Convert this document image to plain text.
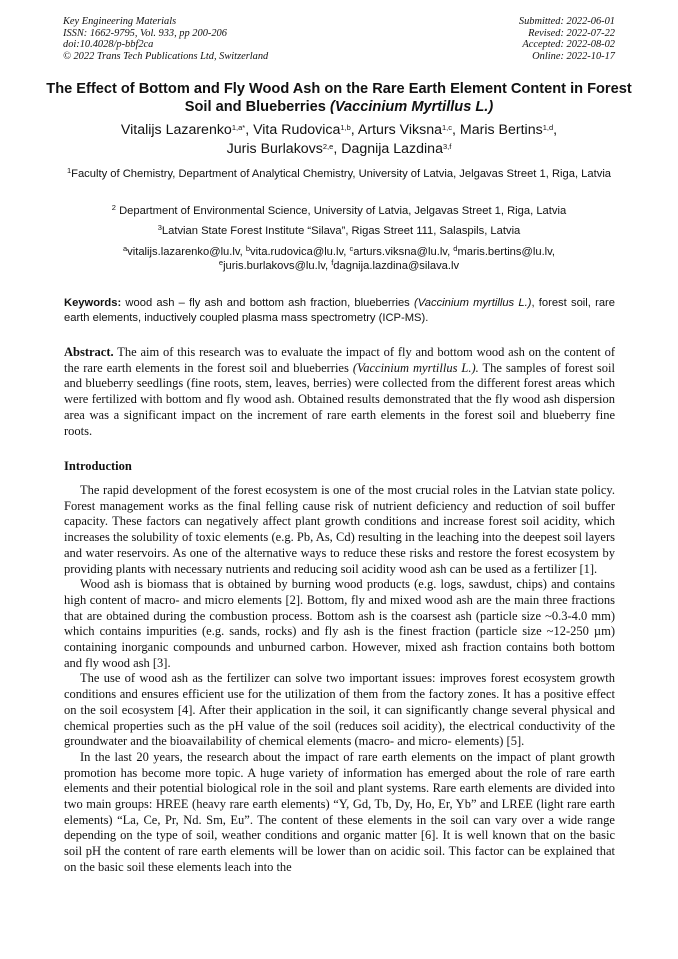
Key Engineering Materials
ISSN: 1662-9795, Vol. 933, pp 200-206
doi:10.4028/p-bbf2ca
© 2022 Trans Tech Publications Ltd, Switzerland
Submitted: 2022-06-01
Revised: 2022-07-22
Accepted: 2022-08-02
Online: 2022-10-17
The Effect of Bottom and Fly Wood Ash on the Rare Earth Element Content in Forest Soil and Blueberries (Vaccinium Myrtillus L.)
Vitalijs Lazarenko$^{1,a*}$, Vita Rudovica$^{1,b}$, Arturs Viksna$^{1,c}$, Maris Bertins$^{1,d}$,
Juris Burlakovs$^{2,e}$, Dagnija Lazdina$^{3,f}$
$^1$Faculty of Chemistry, Department of Analytical Chemistry, University of Latvia, Jelgavas Street 1, Riga, Latvia
$^2$ Department of Environmental Science, University of Latvia, Jelgavas Street 1, Riga, Latvia
$^3$Latvian State Forest Institute “Silava”, Rigas Street 111, Salaspils, Latvia
$^a$vitalijs.lazarenko@lu.lv, $^b$vita.rudovica@lu.lv, $^c$arturs.viksna@lu.lv, $^d$maris.bertins@lu.lv,
$^e$juris.burlakovs@lu.lv, $^f$dagnija.lazdina@silava.lv
Keywords: wood ash – fly ash and bottom ash fraction, blueberries (Vaccinium myrtillus L.), forest soil, rare earth elements, inductively coupled plasma mass spectrometry (ICP-MS).
Abstract. The aim of this research was to evaluate the impact of fly and bottom wood ash on the content of the rare earth elements in the forest soil and blueberries (Vaccinium myrtillus L.). The samples of forest soil and blueberry seedlings (fine roots, stem, leaves, berries) were collected from the different forest areas which were fertilized with bottom and fly wood ash. Obtained results demonstrated that the fly wood ash dispersion area was a significant impact on the increment of rare earth elements in the forest soil and blueberry fine roots.
Introduction

The rapid development of the forest ecosystem is one of the most crucial roles in the Latvian state policy. Forest management works as the final felling cause risk of nutrient deficiency and reduction of soil buffer capacity. These factors can negatively affect plant growth conditions and increase forest soil acidity, which increases the solubility of toxic elements (e.g. Pb, As, Cd) resulting in the leaching into the deepest soil layers and water reservoirs. As one of the alternative ways to reduce these risks and restore the forest ecosystem by providing plants with necessary nutrients and reducing soil acidity wood ash can be used as a fertilizer [1].

Wood ash is biomass that is obtained by burning wood products (e.g. logs, sawdust, chips) and contains high content of macro- and micro elements [2]. Bottom, fly and mixed wood ash are the main three fractions that are obtained during the combustion process. Bottom ash is the coarsest ash (particle size ~0.3-4.0 mm) which contains impurities (e.g. sands, rocks) and fly ash is the finest fraction (particle size ~12-250 µm) containing inorganic compounds and unburned carbon. However, mixed ash fraction contains both bottom and fly wood ash [3].

The use of wood ash as the fertilizer can solve two important issues: improves forest ecosystem growth conditions and ensures efficient use for the utilization of them from the factory zones. It has a positive effect on the soil ecosystem [4]. After their application in the soil, it can significantly change several physical and chemical properties such as the pH value of the soil (reduces soil acidity), the electrical conductivity of the groundwater and the bioavailability of chemical elements (macro- and micro- elements) [5].

In the last 20 years, the research about the impact of rare earth elements on the impact of plant growth promotion has become more topic. A huge variety of information has emerged about the role of rare earth elements and their potential biological role in the soil and plant systems. Rare earth elements are divided into two main groups: HREE (heavy rare earth elements) “Y, Gd, Tb, Dy, Ho, Er, Yb” and LREE (light rare earth elements) “La, Ce, Pr, Nd. Sm, Eu”. The content of these elements in the soil can vary over a wide range depending on the type of soil, weather conditions and organic matter [6]. It is well known that on the basic soil pH the content of rare earth elements will be lower than on acidic soil. This factor can be explained that on the basic soil these elements leach into the
